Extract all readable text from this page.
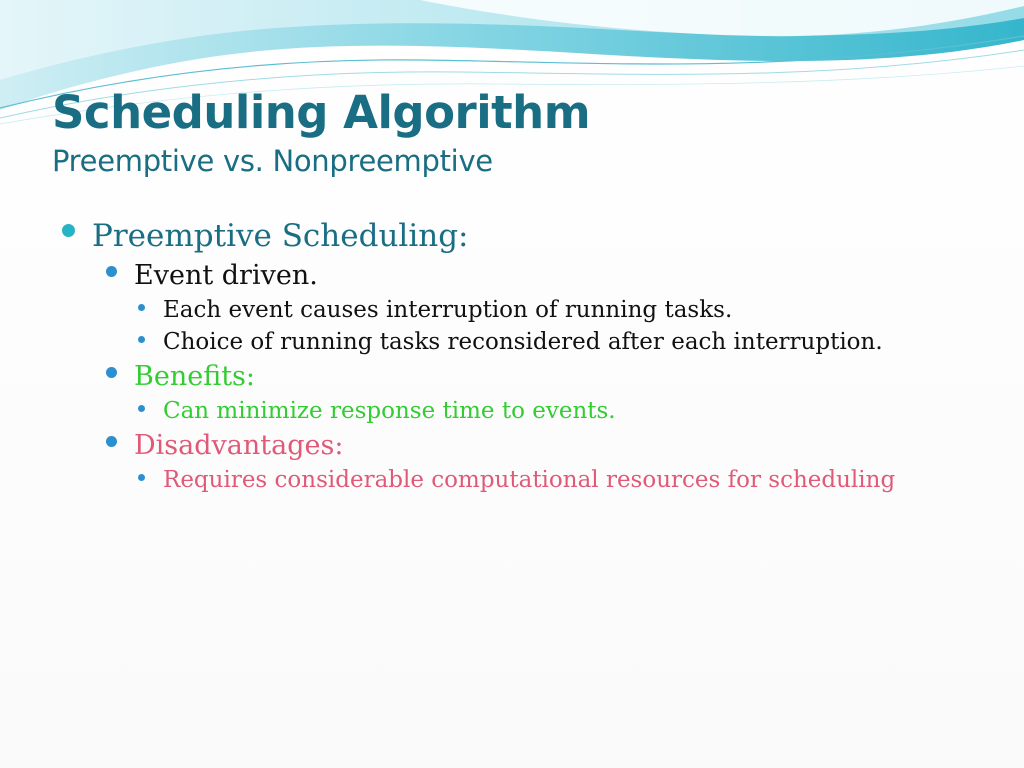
Scheduling Algorithm
Preemptive vs. Nonpreemptive
Preemptive Scheduling:
Event driven.
Each event causes interruption of running tasks.
Choice of running tasks reconsidered after each interruption.
Benefits:
Can minimize response time to events.
Disadvantages:
Requires considerable computational resources for scheduling
